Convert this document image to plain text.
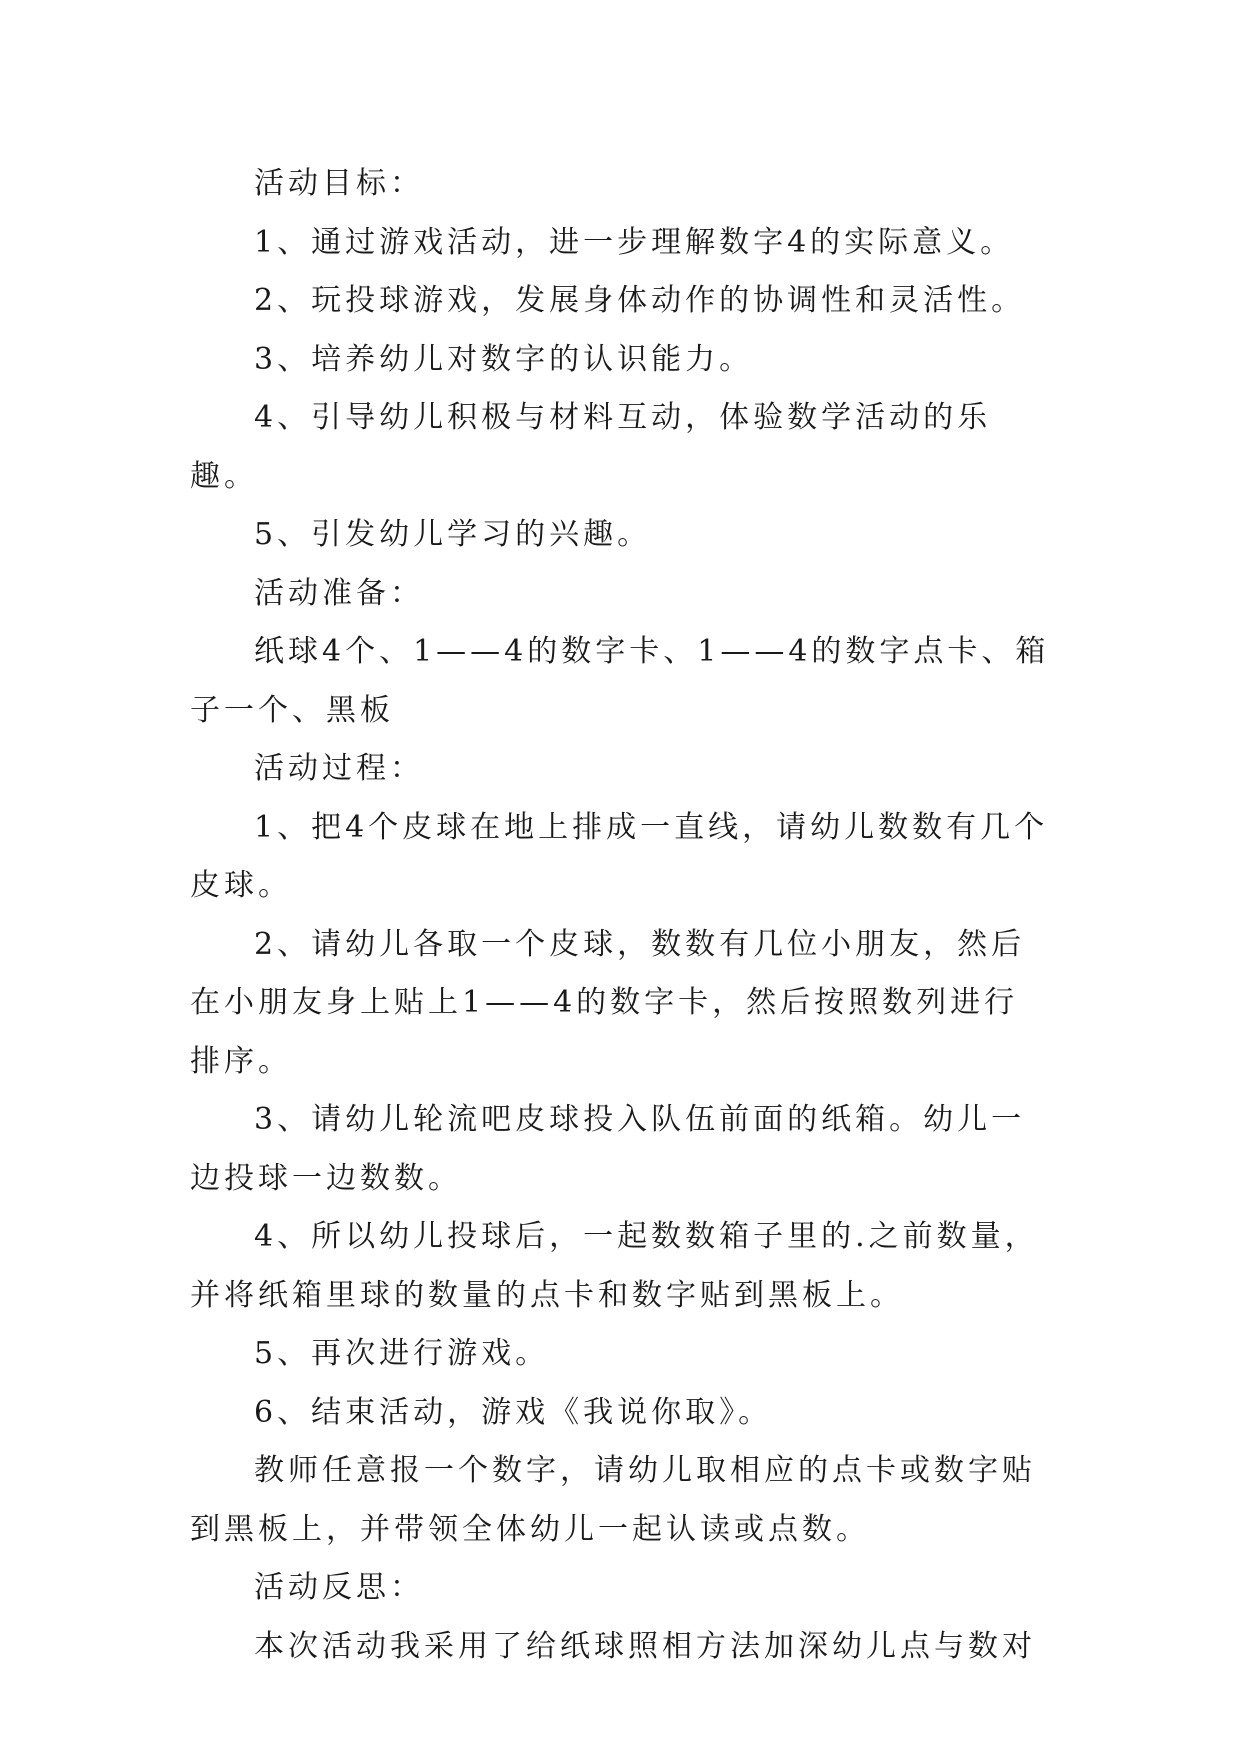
活动目标：

1、通过游戏活动，进一步理解数字4的实际意义。

2、玩投球游戏，发展身体动作的协调性和灵活性。

3、培养幼儿对数字的认识能力。

4、引导幼儿积极与材料互动，体验数学活动的乐趣。

5、引发幼儿学习的兴趣。

活动准备：

纸球4个、1——4的数字卡、1——4的数字点卡、箱子一个、黑板

活动过程：

1、把4个皮球在地上排成一直线，请幼儿数数有几个皮球。

2、请幼儿各取一个皮球，数数有几位小朋友，然后在小朋友身上贴上1——4的数字卡，然后按照数列进行排序。

3、请幼儿轮流吧皮球投入队伍前面的纸箱。幼儿一边投球一边数数。

4、所以幼儿投球后，一起数数箱子里的.之前数量，并将纸箱里球的数量的点卡和数字贴到黑板上。

5、再次进行游戏。

6、结束活动，游戏《我说你取》。

教师任意报一个数字，请幼儿取相应的点卡或数字贴到黑板上，并带领全体幼儿一起认读或点数。

活动反思：

本次活动我采用了给纸球照相方法加深幼儿点与数对
